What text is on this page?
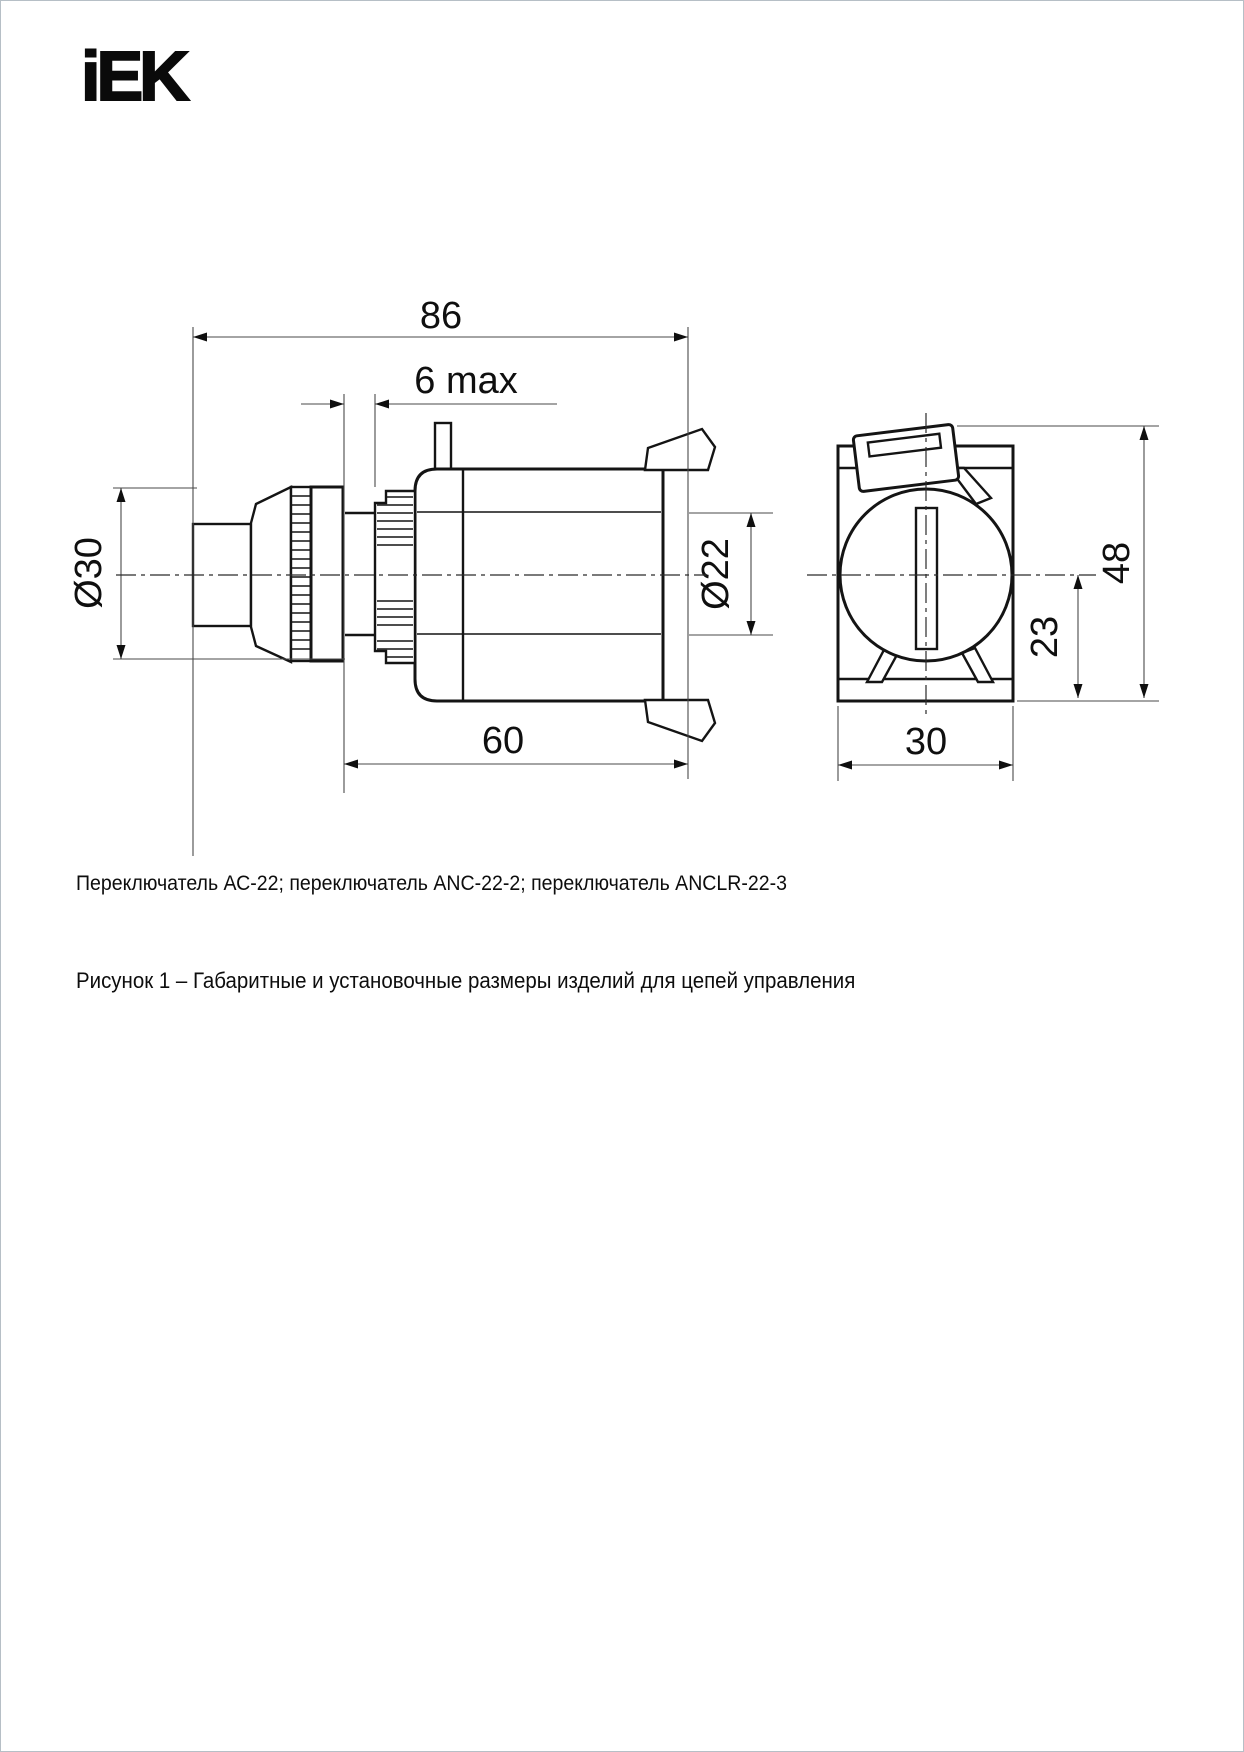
iEK
86
6 max
Ø30	Ø22
60	30
23
48
Переключатель АС-22; переключатель ANC-22-2; переключатель ANCLR-22-3
Рисунок 1 – Габаритные и установочные размеры изделий для цепей управления
